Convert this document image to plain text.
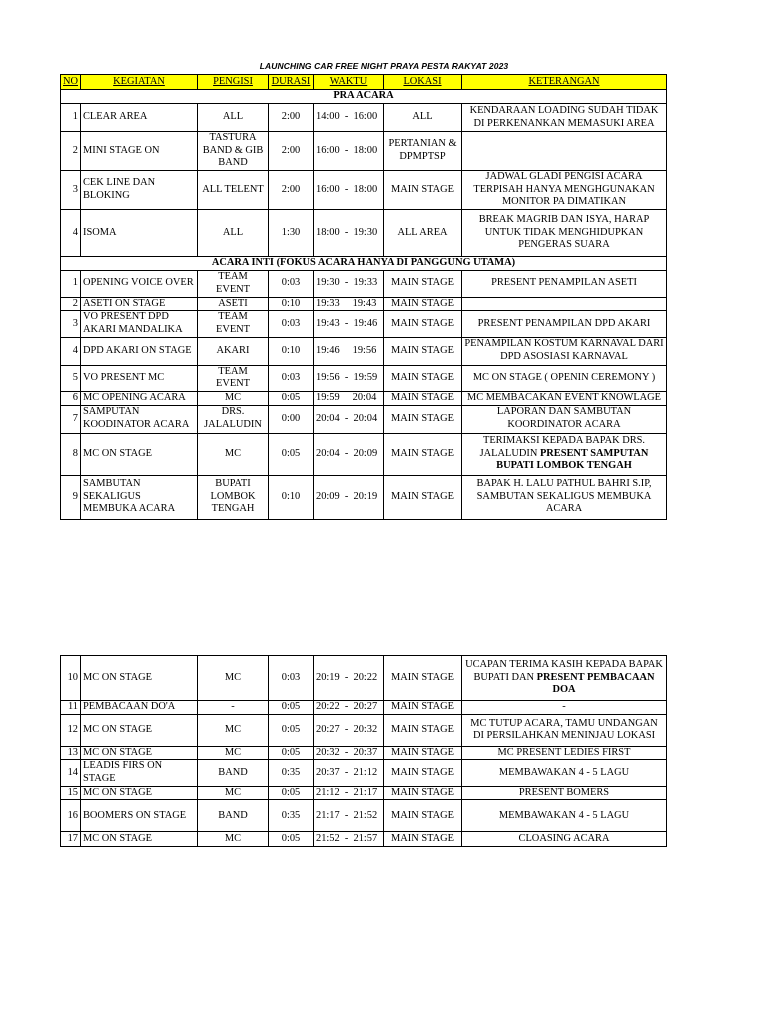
LAUNCHING CAR FREE NIGHT PRAYA PESTA RAKYAT 2023
NO	KEGIATAN	PENGISI	DURASI	WAKTU	LOKASI	KETERANGAN
PRA ACARA						
1	CLEAR AREA	ALL	2:00	14:00  -  16:00	ALL	KENDARAAN LOADING SUDAH TIDAK DI PERKENANKAN MEMASUKI AREA
2	MINI STAGE ON	TASTURA BAND & GIB BAND	2:00	16:00  -  18:00	PERTANIAN & DPMPTSP	
3	CEK LINE DAN BLOKING	ALL TELENT	2:00	16:00  -  18:00	MAIN STAGE	JADWAL GLADI PENGISI ACARA TERPISAH HANYA MENGHGUNAKAN MONITOR PA DIMATIKAN
4	ISOMA	ALL	1:30	18:00  -  19:30	ALL AREA	BREAK MAGRIB DAN ISYA, HARAP UNTUK TIDAK MENGHIDUPKAN PENGERAS SUARA
ACARA INTI (FOKUS ACARA HANYA DI PANGGUNG UTAMA)						
1	OPENING VOICE OVER	TEAM EVENT	0:03	19:30  -  19:33	MAIN STAGE	PRESENT PENAMPILAN ASETI
2	ASETI ON STAGE	ASETI	0:10	19:33     19:43	MAIN STAGE	
3	VO PRESENT DPD AKARI MANDALIKA	TEAM EVENT	0:03	19:43  -  19:46	MAIN STAGE	PRESENT PENAMPILAN DPD AKARI
4	DPD AKARI ON STAGE	AKARI	0:10	19:46     19:56	MAIN STAGE	PENAMPILAN KOSTUM KARNAVAL DARI DPD ASOSIASI KARNAVAL
5	VO PRESENT MC	TEAM EVENT	0:03	19:56  -  19:59	MAIN STAGE	MC ON STAGE ( OPENIN CEREMONY )
6	MC OPENING ACARA	MC	0:05	19:59     20:04	MAIN STAGE	MC MEMBACAKAN EVENT KNOWLAGE
7	SAMPUTAN KOODINATOR ACARA	DRS. JALALUDIN	0:00	20:04  -  20:04	MAIN STAGE	LAPORAN DAN SAMBUTAN KOORDINATOR ACARA
8	MC ON STAGE	MC	0:05	20:04  -  20:09	MAIN STAGE	TERIMAKSI KEPADA BAPAK DRS. JALALUDIN PRESENT SAMPUTAN BUPATI LOMBOK TENGAH
9	SAMBUTAN SEKALIGUS MEMBUKA ACARA	BUPATI LOMBOK TENGAH	0:10	20:09  -  20:19	MAIN STAGE	BAPAK H. LALU PATHUL BAHRI S.IP, SAMBUTAN SEKALIGUS MEMBUKA ACARA
10	MC ON STAGE	MC	0:03	20:19  -  20:22	MAIN STAGE	UCAPAN TERIMA KASIH KEPADA BAPAK BUPATI DAN PRESENT PEMBACAAN DOA
11	PEMBACAAN DO'A	-	0:05	20:22  -  20:27	MAIN STAGE	-
12	MC ON STAGE	MC	0:05	20:27  -  20:32	MAIN STAGE	MC TUTUP ACARA, TAMU UNDANGAN DI PERSILAHKAN MENINJAU LOKASI
13	MC ON STAGE	MC	0:05	20:32  -  20:37	MAIN STAGE	MC PRESENT LEDIES FIRST
14	LEADIS FIRS ON STAGE	BAND	0:35	20:37  -  21:12	MAIN STAGE	MEMBAWAKAN 4 - 5 LAGU
15	MC ON STAGE	MC	0:05	21:12  -  21:17	MAIN STAGE	PRESENT BOMERS
16	BOOMERS ON STAGE	BAND	0:35	21:17  -  21:52	MAIN STAGE	MEMBAWAKAN 4 - 5 LAGU
17	MC ON STAGE	MC	0:05	21:52  -  21:57	MAIN STAGE	CLOASING ACARA
